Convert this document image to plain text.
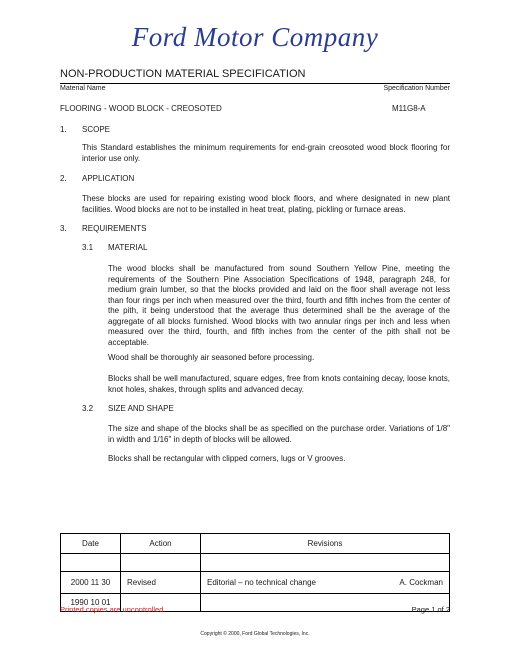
Ford Motor Company
NON-PRODUCTION MATERIAL SPECIFICATION
Material Name	Specification Number
FLOORING - WOOD BLOCK - CREOSOTED	M11G8-A
1. SCOPE
This Standard establishes the minimum requirements for end-grain creosoted wood block flooring for interior use only.
2. APPLICATION
These blocks are used for repairing existing wood block floors, and where designated in new plant facilities. Wood blocks are not to be installed in heat treat, plating, pickling or furnace areas.
3. REQUIREMENTS
3.1 MATERIAL
The wood blocks shall be manufactured from sound Southern Yellow Pine, meeting the requirements of the Southern Pine Association Specifications of 1948, paragraph 248, for medium grain lumber, so that the blocks provided and laid on the floor shall average not less than four rings per inch when measured over the third, fourth and fifth inches from the center of the pith, it being understood that the average thus determined shall be the average of the aggregate of all blocks furnished. Wood blocks with two annular rings per inch and less when measured over the third, fourth, and fifth inches from the center of the pith shall not be acceptable.
Wood shall be thoroughly air seasoned before processing.
Blocks shall be well manufactured, square edges, free from knots containing decay, loose knots, knot holes, shakes, through splits and advanced decay.
3.2 SIZE AND SHAPE
The size and shape of the blocks shall be as specified on the purchase order. Variations of 1/8" in width and 1/16" in depth of blocks will be allowed.
Blocks shall be rectangular with clipped corners, lugs or V grooves.
Date	Action	Revisions	

2000 11 30	Revised	Editorial – no technical change	A. Cockman
1990 10 01			
Printed copies are uncontrolled	Page 1 of 2
Copyright © 2000, Ford Global Technologies, Inc.
